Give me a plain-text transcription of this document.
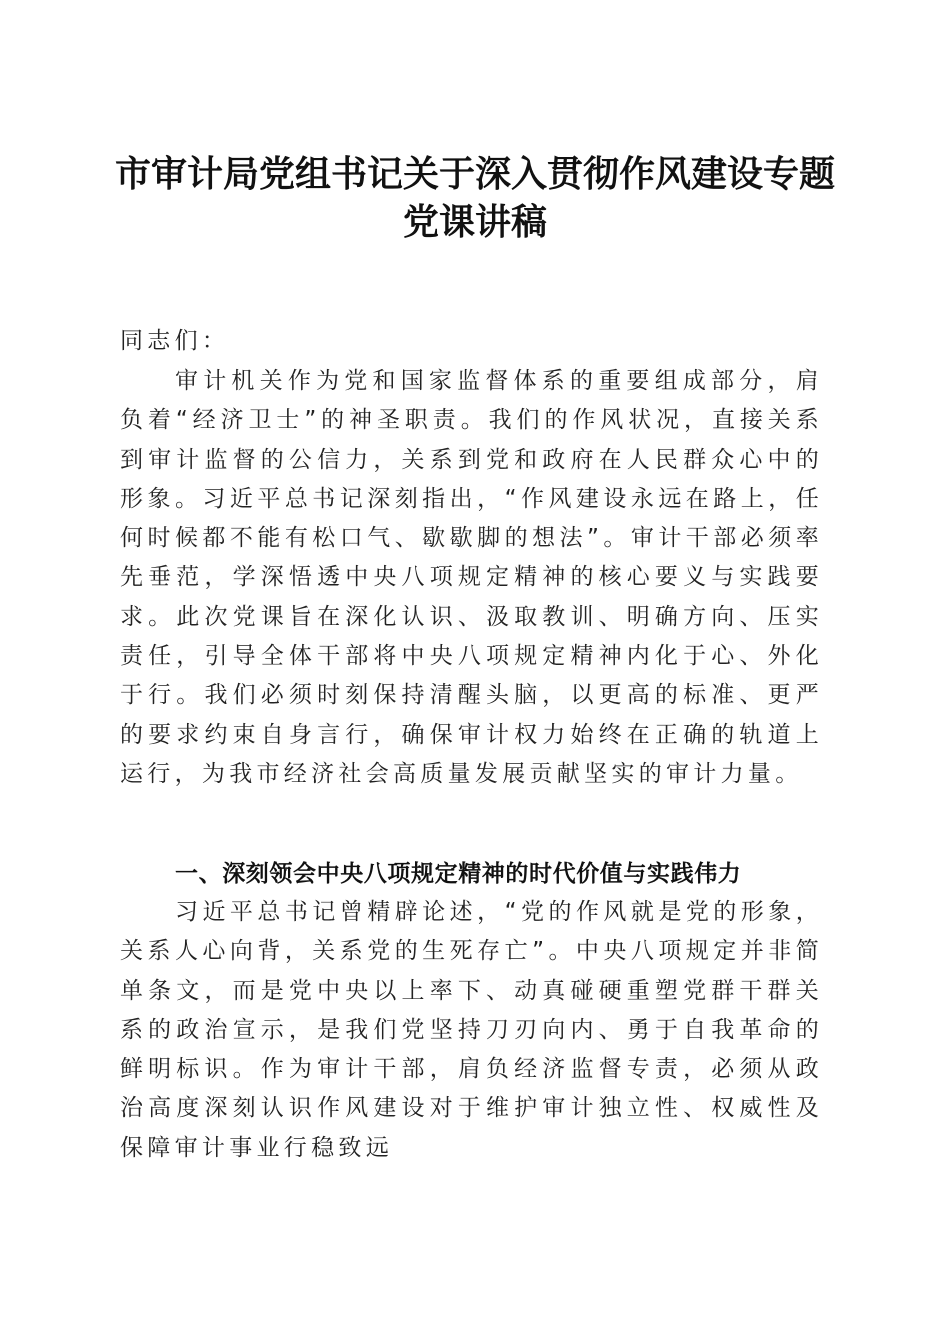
市审计局党组书记关于深入贯彻作风建设专题
党课讲稿

同志们：

审计机关作为党和国家监督体系的重要组成部分，肩负着“经济卫士”的神圣职责。我们的作风状况，直接关系到审计监督的公信力，关系到党和政府在人民群众心中的形象。习近平总书记深刻指出，“作风建设永远在路上，任何时候都不能有松口气、歇歇脚的想法”。审计干部必须率先垂范，学深悟透中央八项规定精神的核心要义与实践要求。此次党课旨在深化认识、汲取教训、明确方向、压实责任，引导全体干部将中央八项规定精神内化于心、外化于行。我们必须时刻保持清醒头脑，以更高的标准、更严的要求约束自身言行，确保审计权力始终在正确的轨道上运行，为我市经济社会高质量发展贡献坚实的审计力量。

一、深刻领会中央八项规定精神的时代价值与实践伟力

习近平总书记曾精辟论述，“党的作风就是党的形象，关系人心向背，关系党的生死存亡”。中央八项规定并非简单条文，而是党中央以上率下、动真碰硬重塑党群干群关系的政治宣示，是我们党坚持刀刃向内、勇于自我革命的鲜明标识。作为审计干部，肩负经济监督专责，必须从政治高度深刻认识作风建设对于维护审计独立性、权威性及保障审计事业行稳致远
